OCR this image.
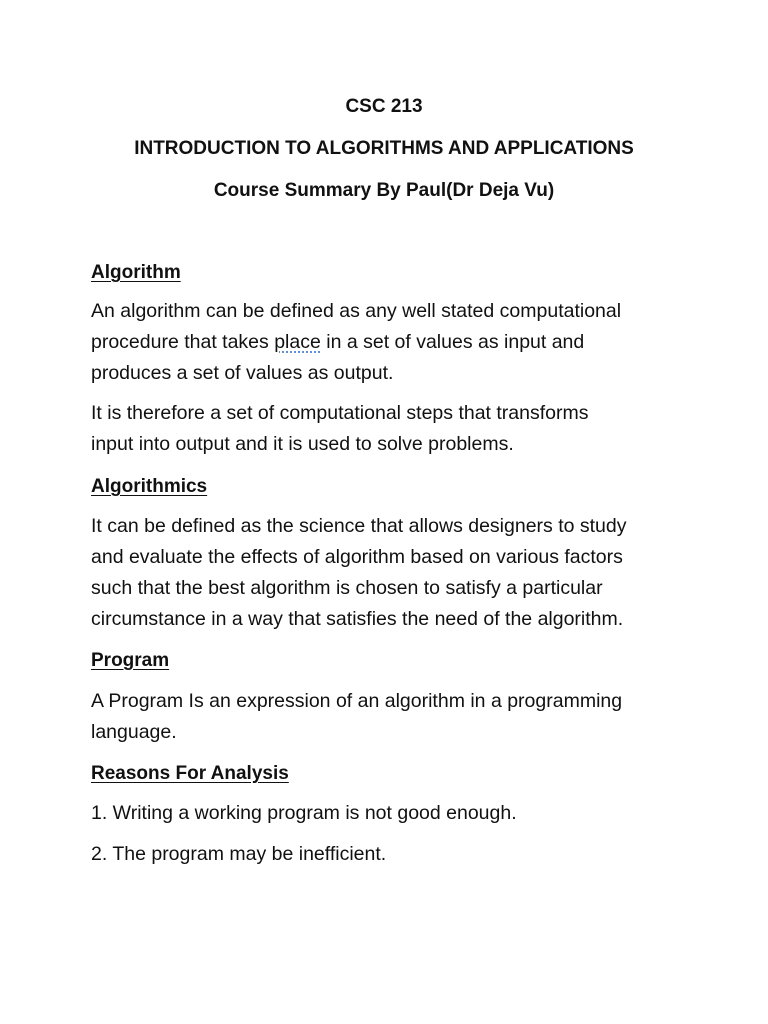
CSC 213
INTRODUCTION TO ALGORITHMS AND APPLICATIONS
Course Summary By Paul(Dr Deja Vu)
Algorithm
An algorithm can be defined as any well stated computational
procedure that takes place in a set of values as input and
produces a set of values as output.
It is therefore a set of computational steps that transforms
input into output and it is used to solve problems.
Algorithmics
It can be defined as the science that allows designers to study
and evaluate the effects of algorithm based on various factors
such that the best algorithm is chosen to satisfy a particular
circumstance in a way that satisfies the need of the algorithm.
Program
A Program Is an expression of an algorithm in a programming
language.
Reasons For Analysis
1. Writing a working program is not good enough.
2. The program may be inefficient.
